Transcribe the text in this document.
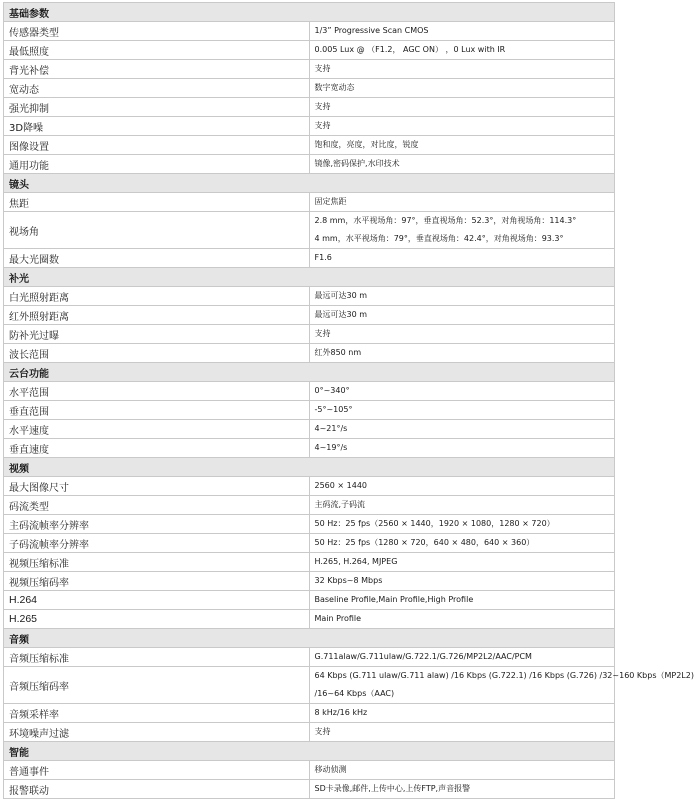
基础参数	
传感器类型	1/3” Progressive Scan CMOS

最低照度	0.005 Lux @ （F1.2， AGC ON） ，0 Lux with IR

背光补偿	支持

宽动态	数字宽动态

强光抑制	支持

3D降噪	支持

图像设置	饱和度，亮度，对比度，锐度

通用功能	镜像,密码保护,水印技术

镜头	
焦距	固定焦距

视场角	2.8 mm，水平视场角：97°，垂直视场角：52.3°，对角视场角：114.3°
4 mm，水平视场角：79°，垂直视场角：42.4°，对角视场角：93.3°

最大光圈数	F1.6

补光	
白光照射距离	最远可达30 m

红外照射距离	最远可达30 m

防补光过曝	支持

波长范围	红外850 nm

云台功能	
水平范围	0°~340°

垂直范围	-5°~105°

水平速度	4~21°/s

垂直速度	4~19°/s

视频	
最大图像尺寸	2560 × 1440

码流类型	主码流,子码流

主码流帧率分辨率	50 Hz：25 fps（2560 × 1440，1920 × 1080，1280 × 720）

子码流帧率分辨率	50 Hz：25 fps（1280 × 720，640 × 480，640 × 360）

视频压缩标准	H.265, H.264, MJPEG

视频压缩码率	32 Kbps~8 Mbps

H.264	Baseline Profile,Main Profile,High Profile

H.265	Main Profile

音频	
音频压缩标准	G.711alaw/G.711ulaw/G.722.1/G.726/MP2L2/AAC/PCM

音频压缩码率	64 Kbps (G.711 ulaw/G.711 alaw) /16 Kbps (G.722.1) /16 Kbps (G.726) /32~160 Kbps（MP2L2)
/16~64 Kbps（AAC)

音频采样率	8 kHz/16 kHz

环境噪声过滤	支持

智能	
普通事件	移动侦测

报警联动	SD卡录像,邮件,上传中心,上传FTP,声音报警
